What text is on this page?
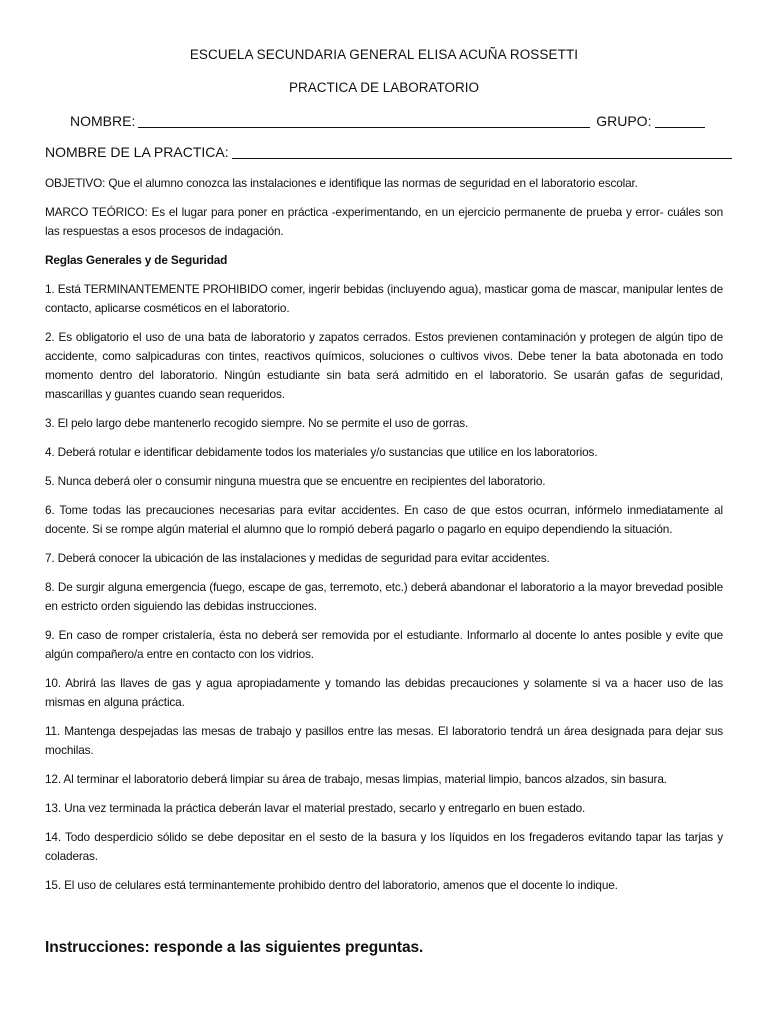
ESCUELA SECUNDARIA GENERAL ELISA ACUÑA ROSSETTI
PRACTICA DE LABORATORIO
NOMBRE:	GRUPO:
NOMBRE DE LA PRACTICA:

OBJETIVO: Que el alumno conozca las instalaciones e identifique las normas de seguridad en el laboratorio escolar.

MARCO TEÓRICO: Es el lugar para poner en práctica -experimentando, en un ejercicio permanente de prueba y error- cuáles son las respuestas a esos procesos de indagación.

Reglas Generales y de Seguridad

1. Está TERMINANTEMENTE PROHIBIDO comer, ingerir bebidas (incluyendo agua), masticar goma de mascar, manipular lentes de contacto, aplicarse cosméticos en el laboratorio.

2. Es obligatorio el uso de una bata de laboratorio y zapatos cerrados. Estos previenen contaminación y protegen de algún tipo de accidente, como salpicaduras con tintes, reactivos químicos, soluciones o cultivos vivos. Debe tener la bata abotonada en todo momento dentro del laboratorio. Ningún estudiante sin bata será admitido en el laboratorio. Se usarán gafas de seguridad, mascarillas y guantes cuando sean requeridos.

3. El pelo largo debe mantenerlo recogido siempre. No se permite el uso de gorras.

4. Deberá rotular e identificar debidamente todos los materiales y/o sustancias que utilice en los laboratorios.

5. Nunca deberá oler o consumir ninguna muestra que se encuentre en recipientes del laboratorio.

6. Tome todas las precauciones necesarias para evitar accidentes. En caso de que estos ocurran, infórmelo inmediatamente al docente. Si se rompe algún material el alumno que lo rompió deberá pagarlo o pagarlo en equipo dependiendo la situación.

7. Deberá conocer la ubicación de las instalaciones y medidas de seguridad para evitar accidentes.

8. De surgir alguna emergencia (fuego, escape de gas, terremoto, etc.) deberá abandonar el laboratorio a la mayor brevedad posible en estricto orden siguiendo las debidas instrucciones.

9. En caso de romper cristalería, ésta no deberá ser removida por el estudiante. Informarlo al docente lo antes posible y evite que algún compañero/a entre en contacto con los vidrios.

10. Abrirá las llaves de gas y agua apropiadamente y tomando las debidas precauciones y solamente si va a hacer uso de las mismas en alguna práctica.

11. Mantenga despejadas las mesas de trabajo y pasillos entre las mesas. El laboratorio tendrá un área designada para dejar sus mochilas.

12. Al terminar el laboratorio deberá limpiar su área de trabajo, mesas limpias, material limpio, bancos alzados, sin basura.

13. Una vez terminada la práctica deberán lavar el material prestado, secarlo y entregarlo en buen estado.

14. Todo desperdicio sólido se debe depositar en el sesto de la basura y los líquidos en los fregaderos evitando tapar las tarjas y coladeras.

15. El uso de celulares está terminantemente prohibido dentro del laboratorio, amenos que el docente lo indique.

Instrucciones: responde a las siguientes preguntas.
